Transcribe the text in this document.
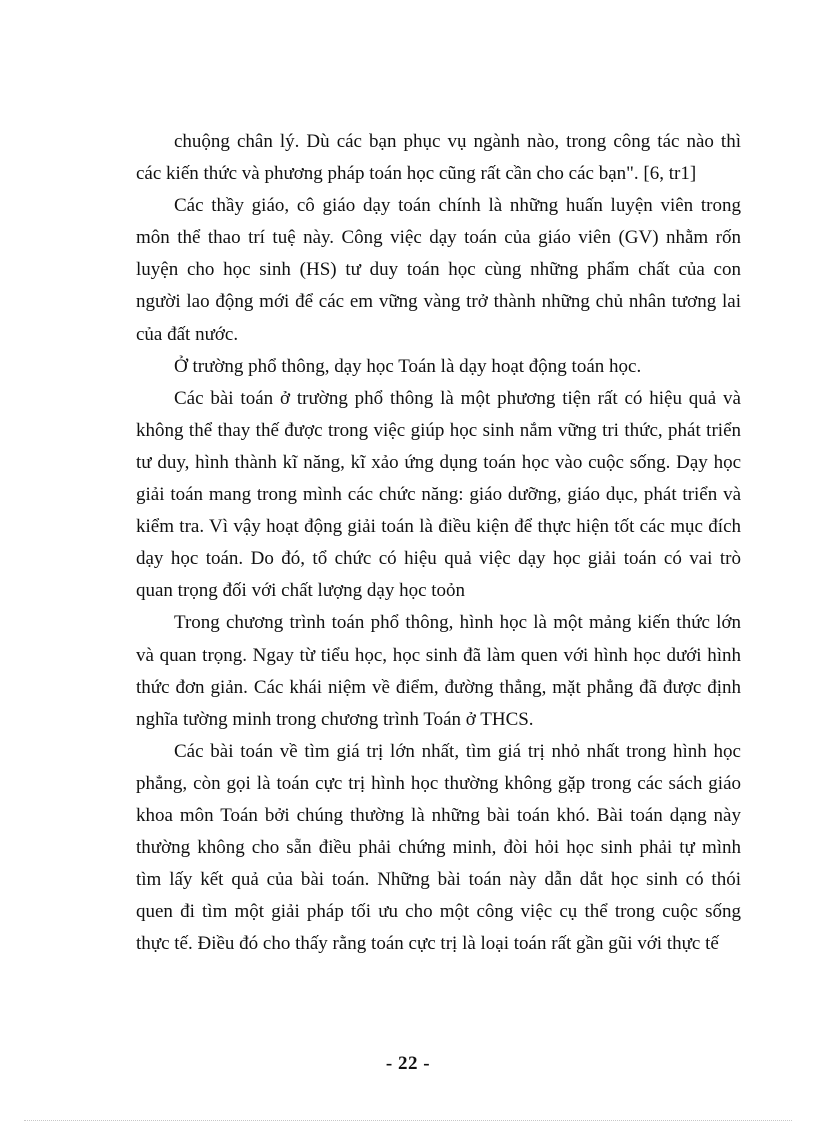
chuộng chân lý. Dù các bạn phục vụ ngành nào, trong công tác nào thì
các kiến thức và phương pháp toán học cũng rất cần cho các bạn". [6, tr1]
Các thầy giáo, cô giáo dạy toán chính là những huấn luyện viên trong
môn thể thao trí tuệ này. Công việc dạy toán của giáo viên (GV) nhằm rốn
luyện cho học sinh (HS) tư duy toán học cùng những phẩm chất của con
người lao động mới để các em vững vàng trở thành những chủ nhân tương lai
của đất nước.
Ở trường phổ thông, dạy học Toán là dạy hoạt động toán học.
Các bài toán ở trường phổ thông là một phương tiện rất có hiệu quả và
không thể thay thế được trong việc giúp học sinh nắm vững tri thức, phát triển
tư duy, hình thành kĩ năng, kĩ xảo ứng dụng toán học vào cuộc sống. Dạy học
giải toán mang trong mình các chức năng: giáo dưỡng, giáo dục, phát triển và
kiểm tra. Vì vậy hoạt động giải toán là điều kiện để thực hiện tốt các mục đích
dạy học toán. Do đó, tổ chức có hiệu quả việc dạy học giải toán có vai trò
quan trọng đối với chất lượng dạy học toỏn
Trong chương trình toán phổ thông, hình học là một mảng kiến thức lớn
và quan trọng. Ngay từ tiểu học, học sinh đã làm quen với hình học dưới hình
thức đơn giản. Các khái niệm về điểm, đường thẳng, mặt phẳng đã được định
nghĩa tường minh trong chương trình Toán ở THCS.
Các bài toán về tìm giá trị lớn nhất, tìm giá trị nhỏ nhất trong hình học
phẳng, còn gọi là toán cực trị hình học thường không gặp trong các sách giáo
khoa môn Toán bởi chúng thường là những bài toán khó. Bài toán dạng này
thường không cho sẵn điều phải chứng minh, đòi hỏi học sinh phải tự mình
tìm lấy kết quả của bài toán. Những bài toán này dẫn dắt học sinh có thói
quen đi tìm một giải pháp tối ưu cho một công việc cụ thể trong cuộc sống
thực tế. Điều đó cho thấy rằng toán cực trị là loại toán rất gần gũi với thực tế
- 22 -
